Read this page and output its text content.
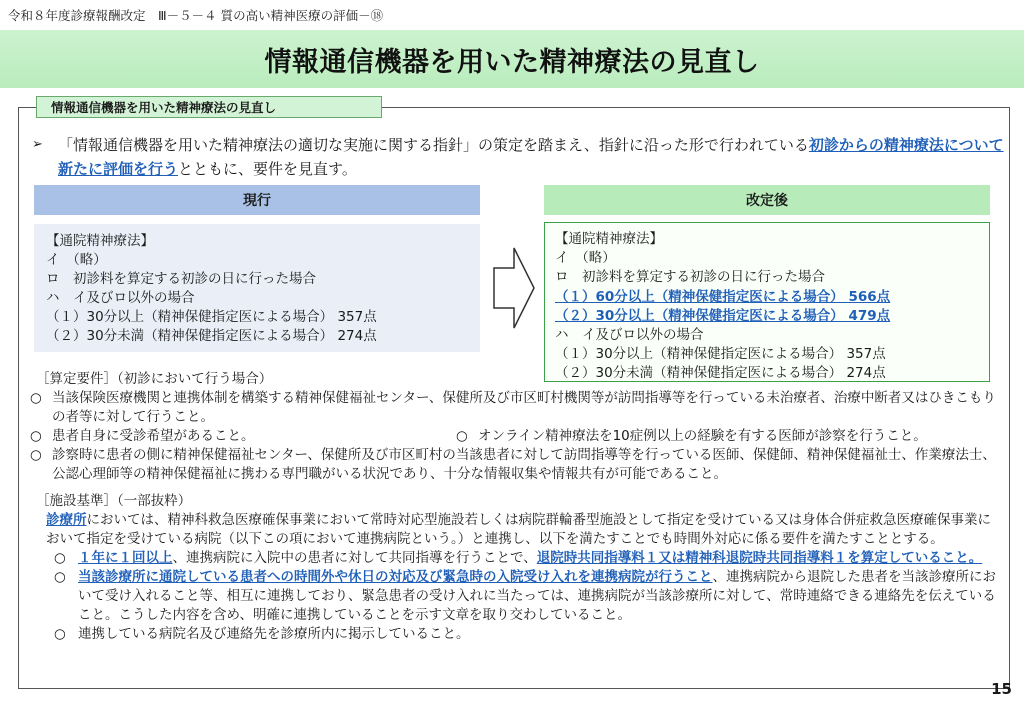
令和８年度診療報酬改定　Ⅲ－５－４ 質の高い精神医療の評価－⑱
情報通信機器を用いた精神療法の見直し
情報通信機器を用いた精神療法の見直し
➢	「情報通信機器を用いた精神療法の適切な実施に関する指針」の策定を踏まえ、指針に沿った形で行われている初診からの精神療法について新たに評価を行うとともに、要件を見直す。
現行	改定後
【通院精神療法】
イ　（略）
ロ　初診料を算定する初診の日に行った場合
ハ　イ及びロ以外の場合
（１）30分以上（精神保健指定医による場合） 357点
（２）30分未満（精神保健指定医による場合） 274点
【通院精神療法】
イ　（略）
ロ　初診料を算定する初診の日に行った場合
（１）60分以上（精神保健指定医による場合） 566点
（２）30分以上（精神保健指定医による場合） 479点
ハ　イ及びロ以外の場合
（１）30分以上（精神保健指定医による場合） 357点
（２）30分未満（精神保健指定医による場合） 274点
［算定要件］（初診において行う場合）
○ 当該保険医療機関と連携体制を構築する精神保健福祉センター、保健所及び市区町村機関等が訪問指導等を行っている未治療者、治療中断者又はひきこもりの者等に対して行うこと。
○ 患者自身に受診希望があること。	○ オンライン精神療法を10症例以上の経験を有する医師が診察を行うこと。
○ 診察時に患者の側に精神保健福祉センター、保健所及び市区町村の当該患者に対して訪問指導等を行っている医師、保健師、精神保健福祉士、作業療法士、公認心理師等の精神保健福祉に携わる専門職がいる状況であり、十分な情報収集や情報共有が可能であること。
［施設基準］（一部抜粋）
診療所においては、精神科救急医療確保事業において常時対応型施設若しくは病院群輪番型施設として指定を受けている又は身体合併症救急医療確保事業において指定を受けている病院（以下この項において連携病院という。）と連携し、以下を満たすことでも時間外対応に係る要件を満たすこととする。
○ １年に１回以上、連携病院に入院中の患者に対して共同指導を行うことで、退院時共同指導料１又は精神科退院時共同指導料１を算定していること。
○ 当該診療所に通院している患者への時間外や休日の対応及び緊急時の入院受け入れを連携病院が行うこと、連携病院から退院した患者を当該診療所において受け入れること等、相互に連携しており、緊急患者の受け入れに当たっては、連携病院が当該診療所に対して、常時連絡できる連絡先を伝えていること。こうした内容を含め、明確に連携していることを示す文章を取り交わしていること。
○ 連携している病院名及び連絡先を診療所内に掲示していること。
15
